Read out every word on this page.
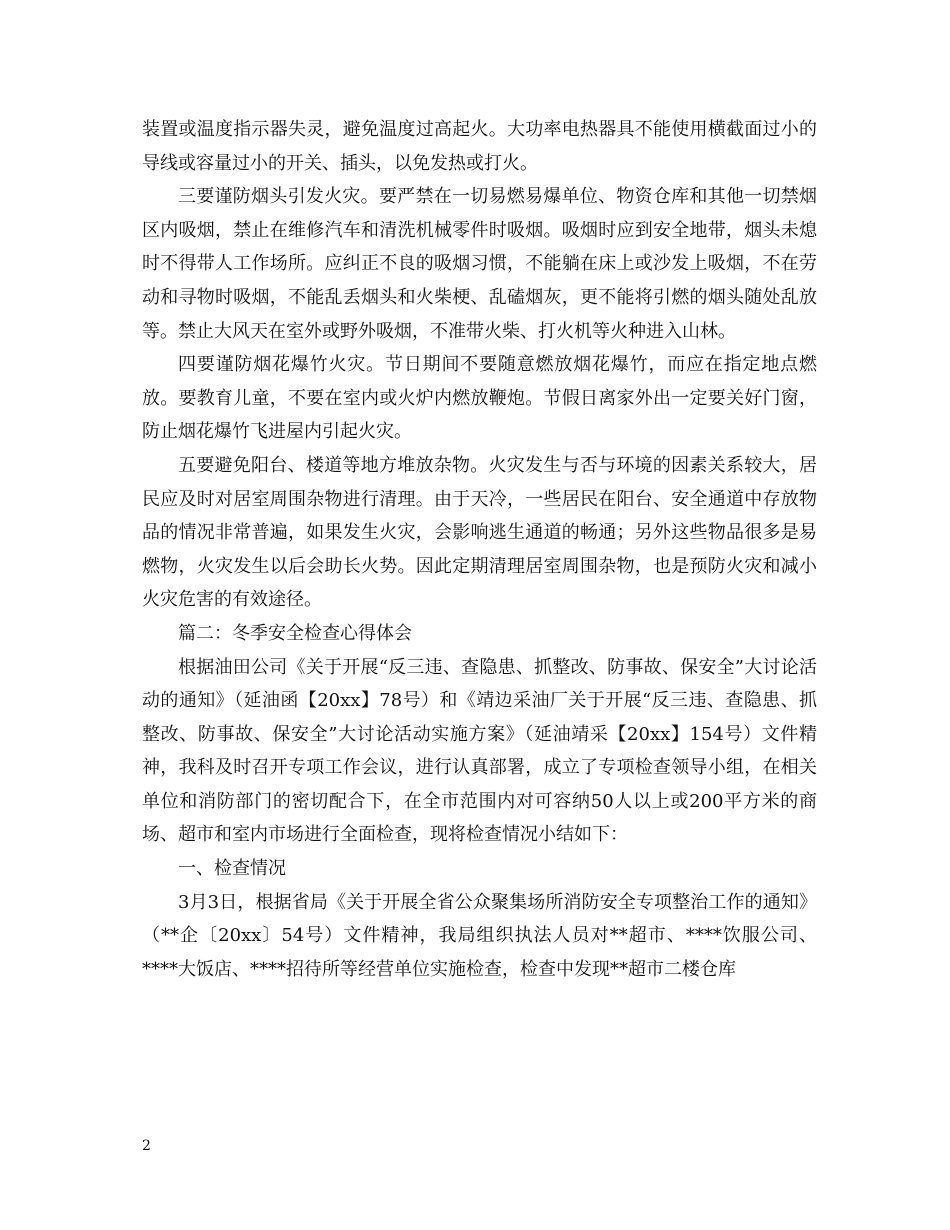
装置或温度指示器失灵，避免温度过高起火。大功率电热器具不能使用横截面过小的导线或容量过小的开关、插头，以免发热或打火。

三要谨防烟头引发火灾。要严禁在一切易燃易爆单位、物资仓库和其他一切禁烟区内吸烟，禁止在维修汽车和清洗机械零件时吸烟。吸烟时应到安全地带，烟头未熄时不得带人工作场所。应纠正不良的吸烟习惯，不能躺在床上或沙发上吸烟，不在劳动和寻物时吸烟，不能乱丢烟头和火柴梗、乱磕烟灰，更不能将引燃的烟头随处乱放等。禁止大风天在室外或野外吸烟，不准带火柴、打火机等火种进入山林。

四要谨防烟花爆竹火灾。节日期间不要随意燃放烟花爆竹，而应在指定地点燃放。要教育儿童，不要在室内或火炉内燃放鞭炮。节假日离家外出一定要关好门窗，防止烟花爆竹飞进屋内引起火灾。

五要避免阳台、楼道等地方堆放杂物。火灾发生与否与环境的因素关系较大，居民应及时对居室周围杂物进行清理。由于天冷，一些居民在阳台、安全通道中存放物品的情况非常普遍，如果发生火灾，会影响逃生通道的畅通；另外这些物品很多是易燃物，火灾发生以后会助长火势。因此定期清理居室周围杂物，也是预防火灾和减小火灾危害的有效途径。

篇二：冬季安全检查心得体会

根据油田公司《关于开展“反三违、查隐患、抓整改、防事故、保安全”大讨论活动的通知》（延油函【20xx】78号）和《靖边采油厂关于开展“反三违、查隐患、抓整改、防事故、保安全”大讨论活动实施方案》（延油靖采【20xx】154号）文件精神，我科及时召开专项工作会议，进行认真部署，成立了专项检查领导小组，在相关单位和消防部门的密切配合下，在全市范围内对可容纳50人以上或200平方米的商场、超市和室内市场进行全面检查，现将检查情况小结如下：

一、检查情况

3月3日，根据省局《关于开展全省公众聚集场所消防安全专项整治工作的通知》（**企〔20xx〕54号）文件精神，我局组织执法人员对**超市、****饮服公司、****大饭店、****招待所等经营单位实施检查，检查中发现**超市二楼仓库

2
